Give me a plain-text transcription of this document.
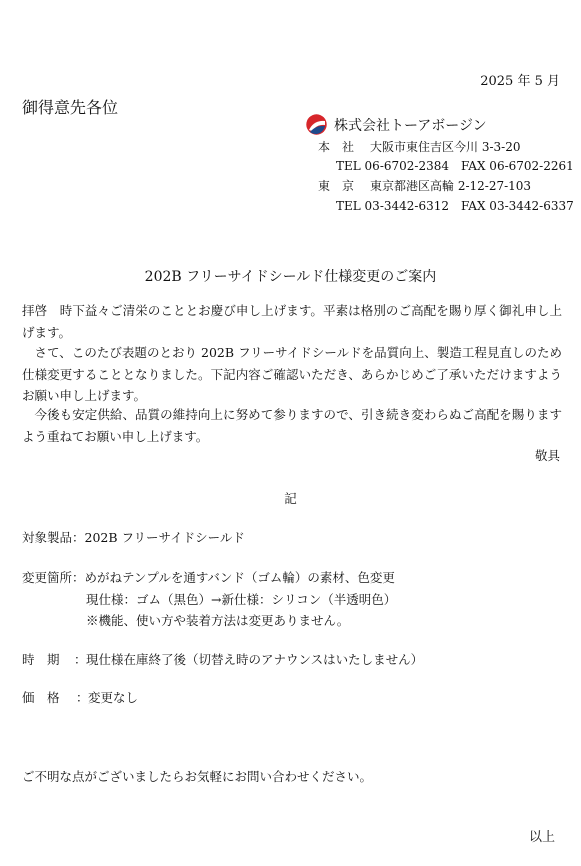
2025 年 5 月
御得意先各位
株式会社トーアボージン
本　社 大阪市東住吉区今川 3-3-20
TEL 06-6702-2384　FAX 06-6702-2261
東　京 東京都港区高輪 2-12-27-103
TEL 03-3442-6312　FAX 03-3442-6337
202B フリーサイドシールド仕様変更のご案内
拝啓　時下益々ご清栄のこととお慶び申し上げます。平素は格別のご高配を賜り厚く御礼申し上げます。
さて、このたび表題のとおり 202B フリーサイドシールドを品質向上、製造工程見直しのため仕様変更することとなりました。下記内容ご確認いただき、あらかじめご了承いただけますようお願い申し上げます。
今後も安定供給、品質の維持向上に努めて参りますので、引き続き変わらぬご高配を賜りますよう重ねてお願い申し上げます。
敬具
記
対象製品：202B フリーサイドシールド
変更箇所：めがねテンプルを通すバンド（ゴム輪）の素材、色変更
現仕様：ゴム（黒色）→新仕様：シリコン（半透明色）
※機能、使い方や装着方法は変更ありません。
時　期 ： 現仕様在庫終了後（切替え時のアナウンスはいたしません）
価　格 ： 変更なし
ご不明な点がございましたらお気軽にお問い合わせください。
以上
